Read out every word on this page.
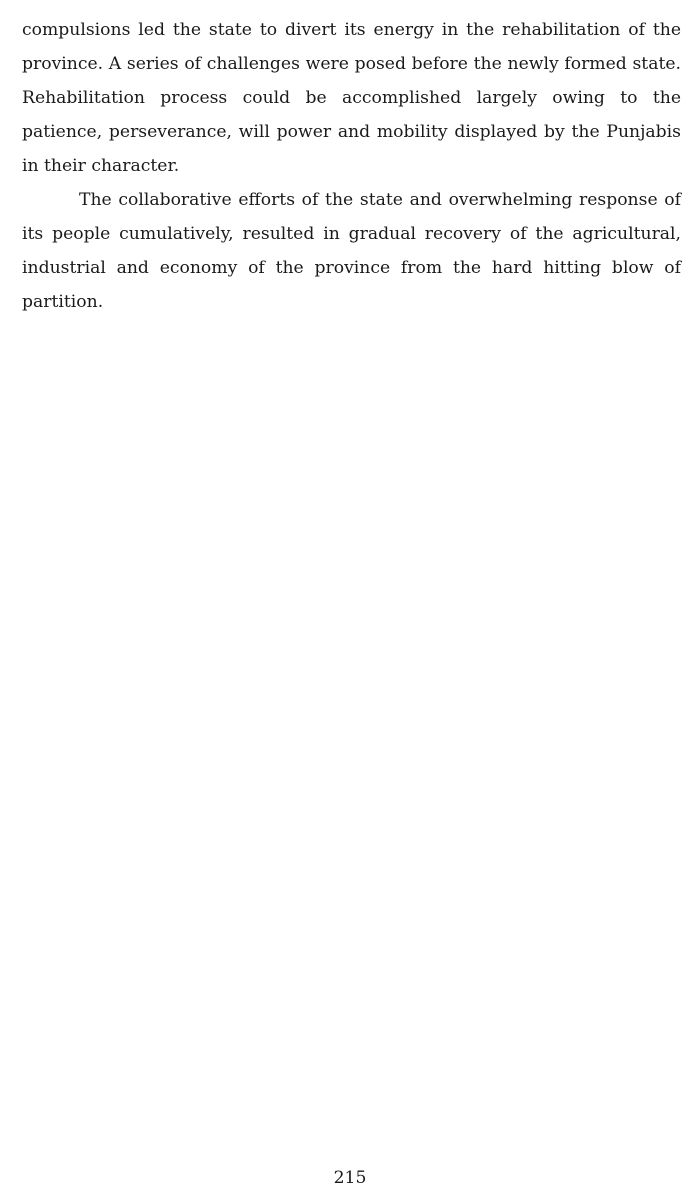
compulsions led the state to divert its energy in the rehabilitation of the province. A series of challenges were posed before the newly formed state. Rehabilitation process could be accomplished largely owing to the patience, perseverance, will power and mobility displayed by the Punjabis in their character.

The collaborative efforts of the state and overwhelming response of its people cumulatively, resulted in gradual recovery of the agricultural, industrial and economy of the province from the hard hitting blow of partition.

215
